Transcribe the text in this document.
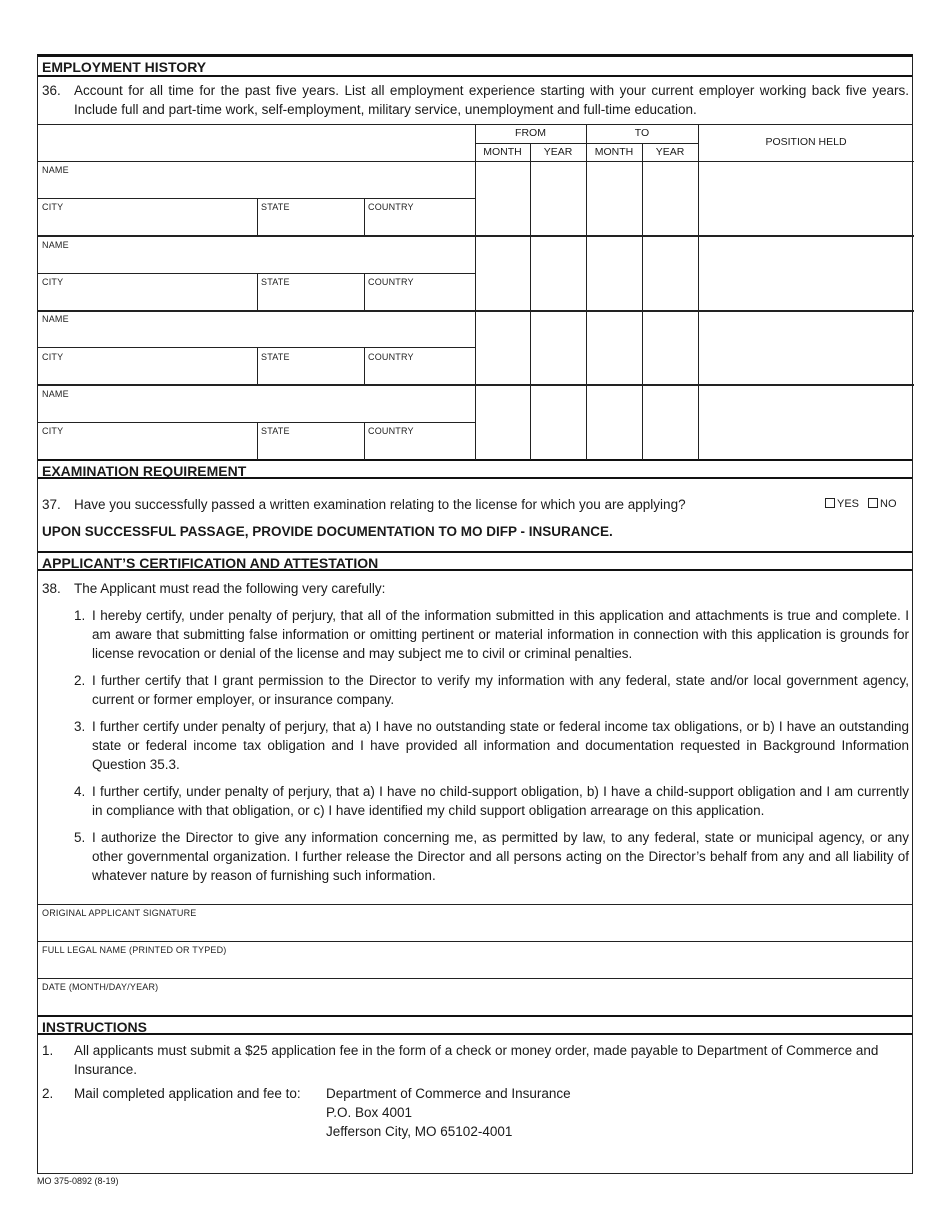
EMPLOYMENT HISTORY
36. Account for all time for the past five years. List all employment experience starting with your current employer working back five years. Include full and part-time work, self-employment, military service, unemployment and full-time education.
FROM	TO
MONTH	YEAR	MONTH	YEAR
POSITION HELD
NAME
CITY	STATE	COUNTRY
NAME
CITY	STATE	COUNTRY
NAME
CITY	STATE	COUNTRY
NAME
CITY	STATE	COUNTRY
EXAMINATION REQUIREMENT
37. Have you successfully passed a written examination relating to the license for which you are applying?	YES	NO
UPON SUCCESSFUL PASSAGE, PROVIDE DOCUMENTATION TO MO DIFP - INSURANCE.
APPLICANT’S CERTIFICATION AND ATTESTATION
38. The Applicant must read the following very carefully:
1. I hereby certify, under penalty of perjury, that all of the information submitted in this application and attachments is true and complete. I am aware that submitting false information or omitting pertinent or material information in connection with this application is grounds for license revocation or denial of the license and may subject me to civil or criminal penalties.
2. I further certify that I grant permission to the Director to verify my information with any federal, state and/or local government agency, current or former employer, or insurance company.
3. I further certify under penalty of perjury, that a) I have no outstanding state or federal income tax obligations, or b) I have an outstanding state or federal income tax obligation and I have provided all information and documentation requested in Background Information Question 35.3.
4. I further certify, under penalty of perjury, that a) I have no child-support obligation, b) I have a child-support obligation and I am currently in compliance with that obligation, or c) I have identified my child support obligation arrearage on this application.
5. I authorize the Director to give any information concerning me, as permitted by law, to any federal, state or municipal agency, or any other governmental organization. I further release the Director and all persons acting on the Director’s behalf from any and all liability of whatever nature by reason of furnishing such information.
ORIGINAL APPLICANT SIGNATURE
FULL LEGAL NAME (PRINTED OR TYPED)
DATE (MONTH/DAY/YEAR)
INSTRUCTIONS
1.	All applicants must submit a $25 application fee in the form of a check or money order, made payable to Department of Commerce and Insurance.
2.	Mail completed application and fee to:	Department of Commerce and Insurance
P.O. Box 4001
Jefferson City, MO 65102-4001
MO 375-0892 (8-19)
